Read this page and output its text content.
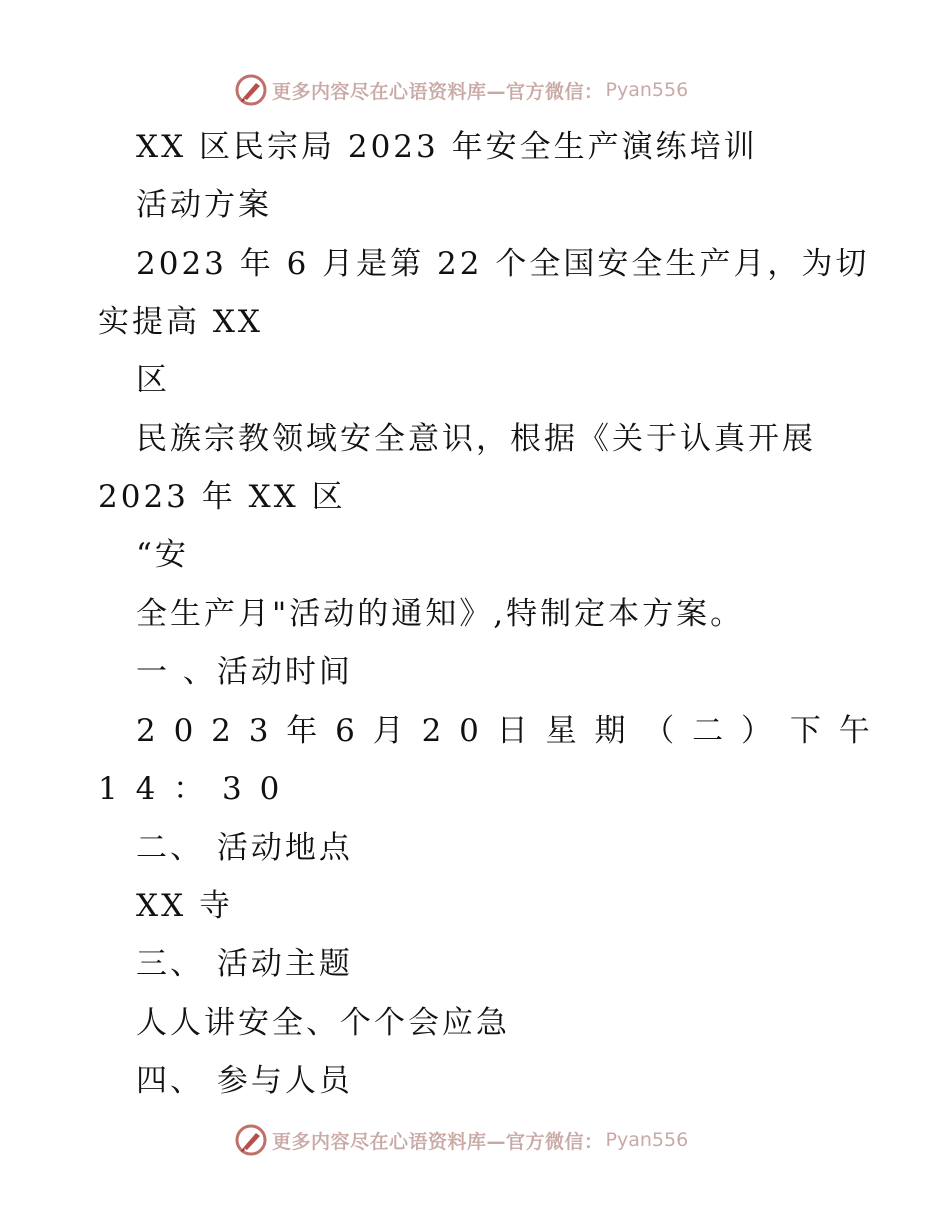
更多内容尽在心语资料库—官方微信： Pyan556
XX 区民宗局 2023 年安全生产演练培训
活动方案
2023 年 6 月是第 22 个全国安全生产月，为切
实提高 XX
区
民族宗教领域安全意识，根据《关于认真开展
2023 年 XX 区
“安
全生产月"活动的通知》,特制定本方案。
一 、活动时间
2 0 2 3 年 6 月 2 0 日 星 期 （ 二 ） 下 午
1 4 ： 3 0
二、 活动地点
XX 寺
三、 活动主题
人人讲安全、个个会应急
四、 参与人员
更多内容尽在心语资料库—官方微信： Pyan556
